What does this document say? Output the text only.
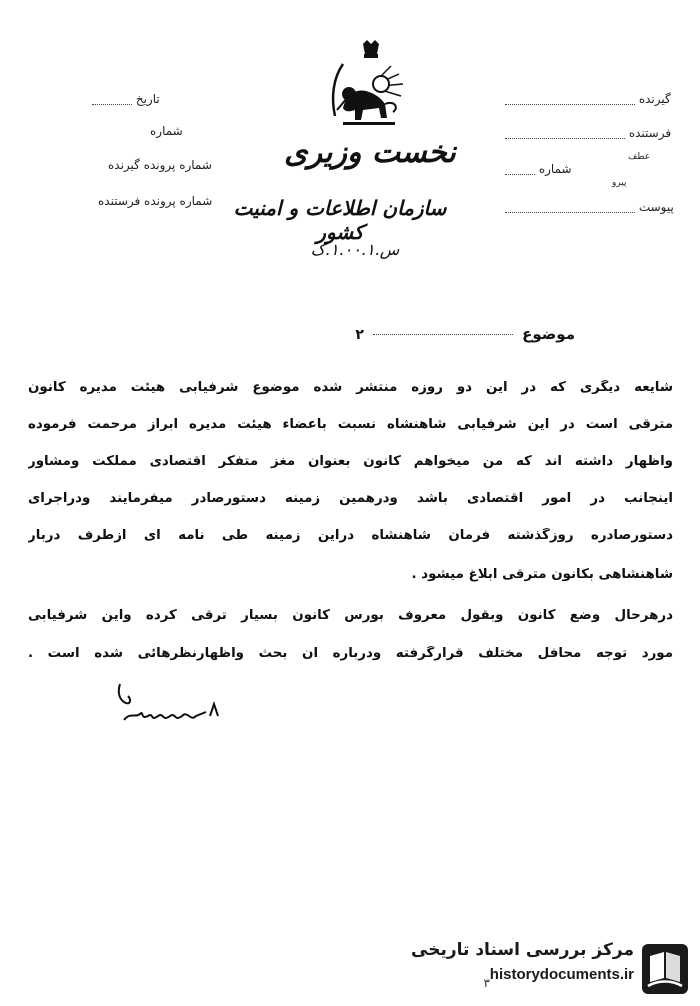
نخست وزیری
سازمان اطلاعات و امنیت کشور
س.۱.۰۰.۱.ک
تاریخ
شماره
شماره پرونده گیرنده
شماره پرونده فرستنده
گیرنده
فرستنده
شماره
عطف
پیرو
پیوست
موضوع  ۲
شایعه دیگری که در این دو روزه منتشر شده موضوع شرفیابی هیئت مدیره کانون
مترقی است در این شرفیابی شاهنشاه نسبت باعضاء هیئت مدیره ابراز مرحمت فرموده
واظهار داشته اند که من میخواهم کانون بعنوان مغز متفکر اقتصادی مملکت ومشاور
اینجانب در امور اقتصادی باشد ودرهمین زمینه دستورصادر میفرمایند ودراجرای
دستورصادره روزگذشته فرمان شاهنشاه دراین زمینه طی نامه ای ازطرف دربار
شاهنشاهی بکانون مترقی ابلاغ میشود .
درهرحال وضع کانون وبقول معروف بورس کانون بسیار ترقی کرده واین شرفیابی
مورد توجه محافل مختلف قرارگرفته ودرباره آن بحث واظهارنظرهائی شده است .
مرکز بررسی اسناد تاریخی
historydocuments.ir
۳
